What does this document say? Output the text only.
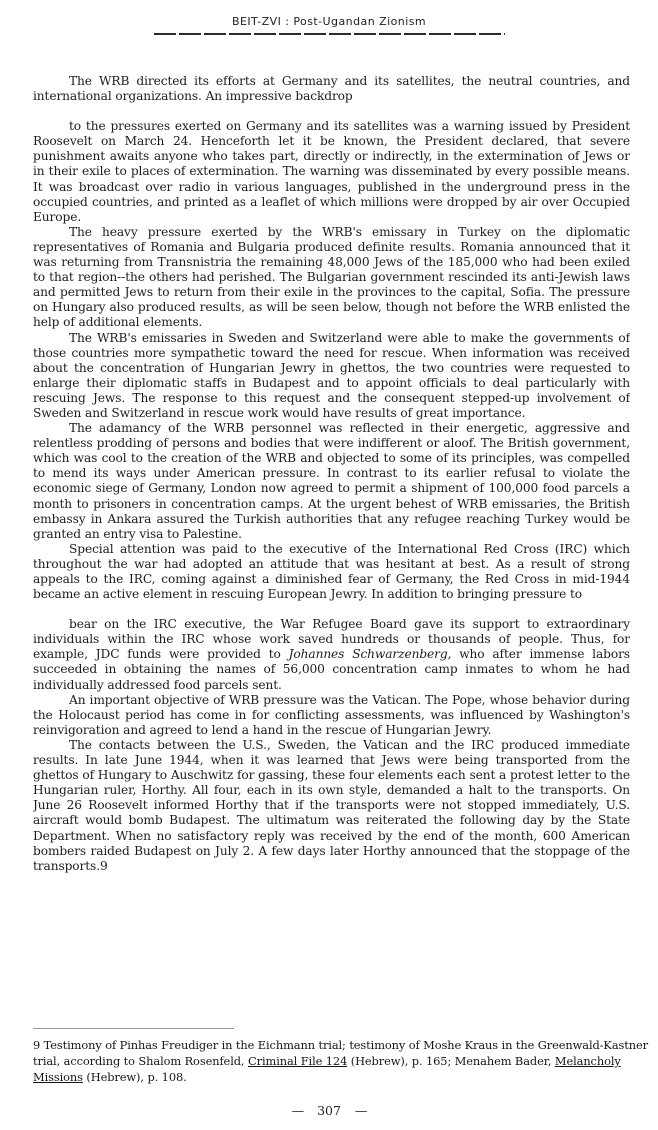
BEIT-ZVI : Post-Ugandan Zionism

The WRB directed its efforts at Germany and its satellites, the neutral countries, and international organizations. An impressive backdrop

to the pressures exerted on Germany and its satellites was a warning issued by President Roosevelt on March 24. Henceforth let it be known, the President declared, that severe punishment awaits anyone who takes part, directly or indirectly, in the extermination of Jews or in their exile to places of extermination. The warning was disseminated by every possible means. It was broadcast over radio in various languages, published in the underground press in the occupied countries, and printed as a leaflet of which millions were dropped by air over Occupied Europe.

The heavy pressure exerted by the WRB's emissary in Turkey on the diplomatic representatives of Romania and Bulgaria produced definite results. Romania announced that it was returning from Transnistria the remaining 48,000 Jews of the 185,000 who had been exiled to that region--the others had perished. The Bulgarian government rescinded its anti-Jewish laws and permitted Jews to return from their exile in the provinces to the capital, Sofia. The pressure on Hungary also produced results, as will be seen below, though not before the WRB enlisted the help of additional elements.

The WRB's emissaries in Sweden and Switzerland were able to make the governments of those countries more sympathetic toward the need for rescue. When information was received about the concentration of Hungarian Jewry in ghettos, the two countries were requested to enlarge their diplomatic staffs in Budapest and to appoint officials to deal particularly with rescuing Jews. The response to this request and the consequent stepped-up involvement of Sweden and Switzerland in rescue work would have results of great importance.

The adamancy of the WRB personnel was reflected in their energetic, aggressive and relentless prodding of persons and bodies that were indifferent or aloof. The British government, which was cool to the creation of the WRB and objected to some of its principles, was compelled to mend its ways under American pressure. In contrast to its earlier refusal to violate the economic siege of Germany, London now agreed to permit a shipment of 100,000 food parcels a month to prisoners in concentration camps. At the urgent behest of WRB emissaries, the British embassy in Ankara assured the Turkish authorities that any refugee reaching Turkey would be granted an entry visa to Palestine.

Special attention was paid to the executive of the International Red Cross (IRC) which throughout the war had adopted an attitude that was hesitant at best. As a result of strong appeals to the IRC, coming against a diminished fear of Germany, the Red Cross in mid-1944 became an active element in rescuing European Jewry. In addition to bringing pressure to

bear on the IRC executive, the War Refugee Board gave its support to extraordinary individuals within the IRC whose work saved hundreds or thousands of people. Thus, for example, JDC funds were provided to Johannes Schwarzenberg, who after immense labors succeeded in obtaining the names of 56,000 concentration camp inmates to whom he had individually addressed food parcels sent.

An important objective of WRB pressure was the Vatican. The Pope, whose behavior during the Holocaust period has come in for conflicting assessments, was influenced by Washington's reinvigoration and agreed to lend a hand in the rescue of Hungarian Jewry.

The contacts between the U.S., Sweden, the Vatican and the IRC produced immediate results. In late June 1944, when it was learned that Jews were being transported from the ghettos of Hungary to Auschwitz for gassing, these four elements each sent a protest letter to the Hungarian ruler, Horthy. All four, each in its own style, demanded a halt to the transports. On June 26 Roosevelt informed Horthy that if the transports were not stopped immediately, U.S. aircraft would bomb Budapest. The ultimatum was reiterated the following day by the State Department. When no satisfactory reply was received by the end of the month, 600 American bombers raided Budapest on July 2. A few days later Horthy announced that the stoppage of the transports.9

9 Testimony of Pinhas Freudiger in the Eichmann trial; testimony of Moshe Kraus in the Greenwald-Kastner trial, according to Shalom Rosenfeld, Criminal File 124 (Hebrew), p. 165; Menahem Bader, Melancholy Missions (Hebrew), p. 108.

— 307 —
